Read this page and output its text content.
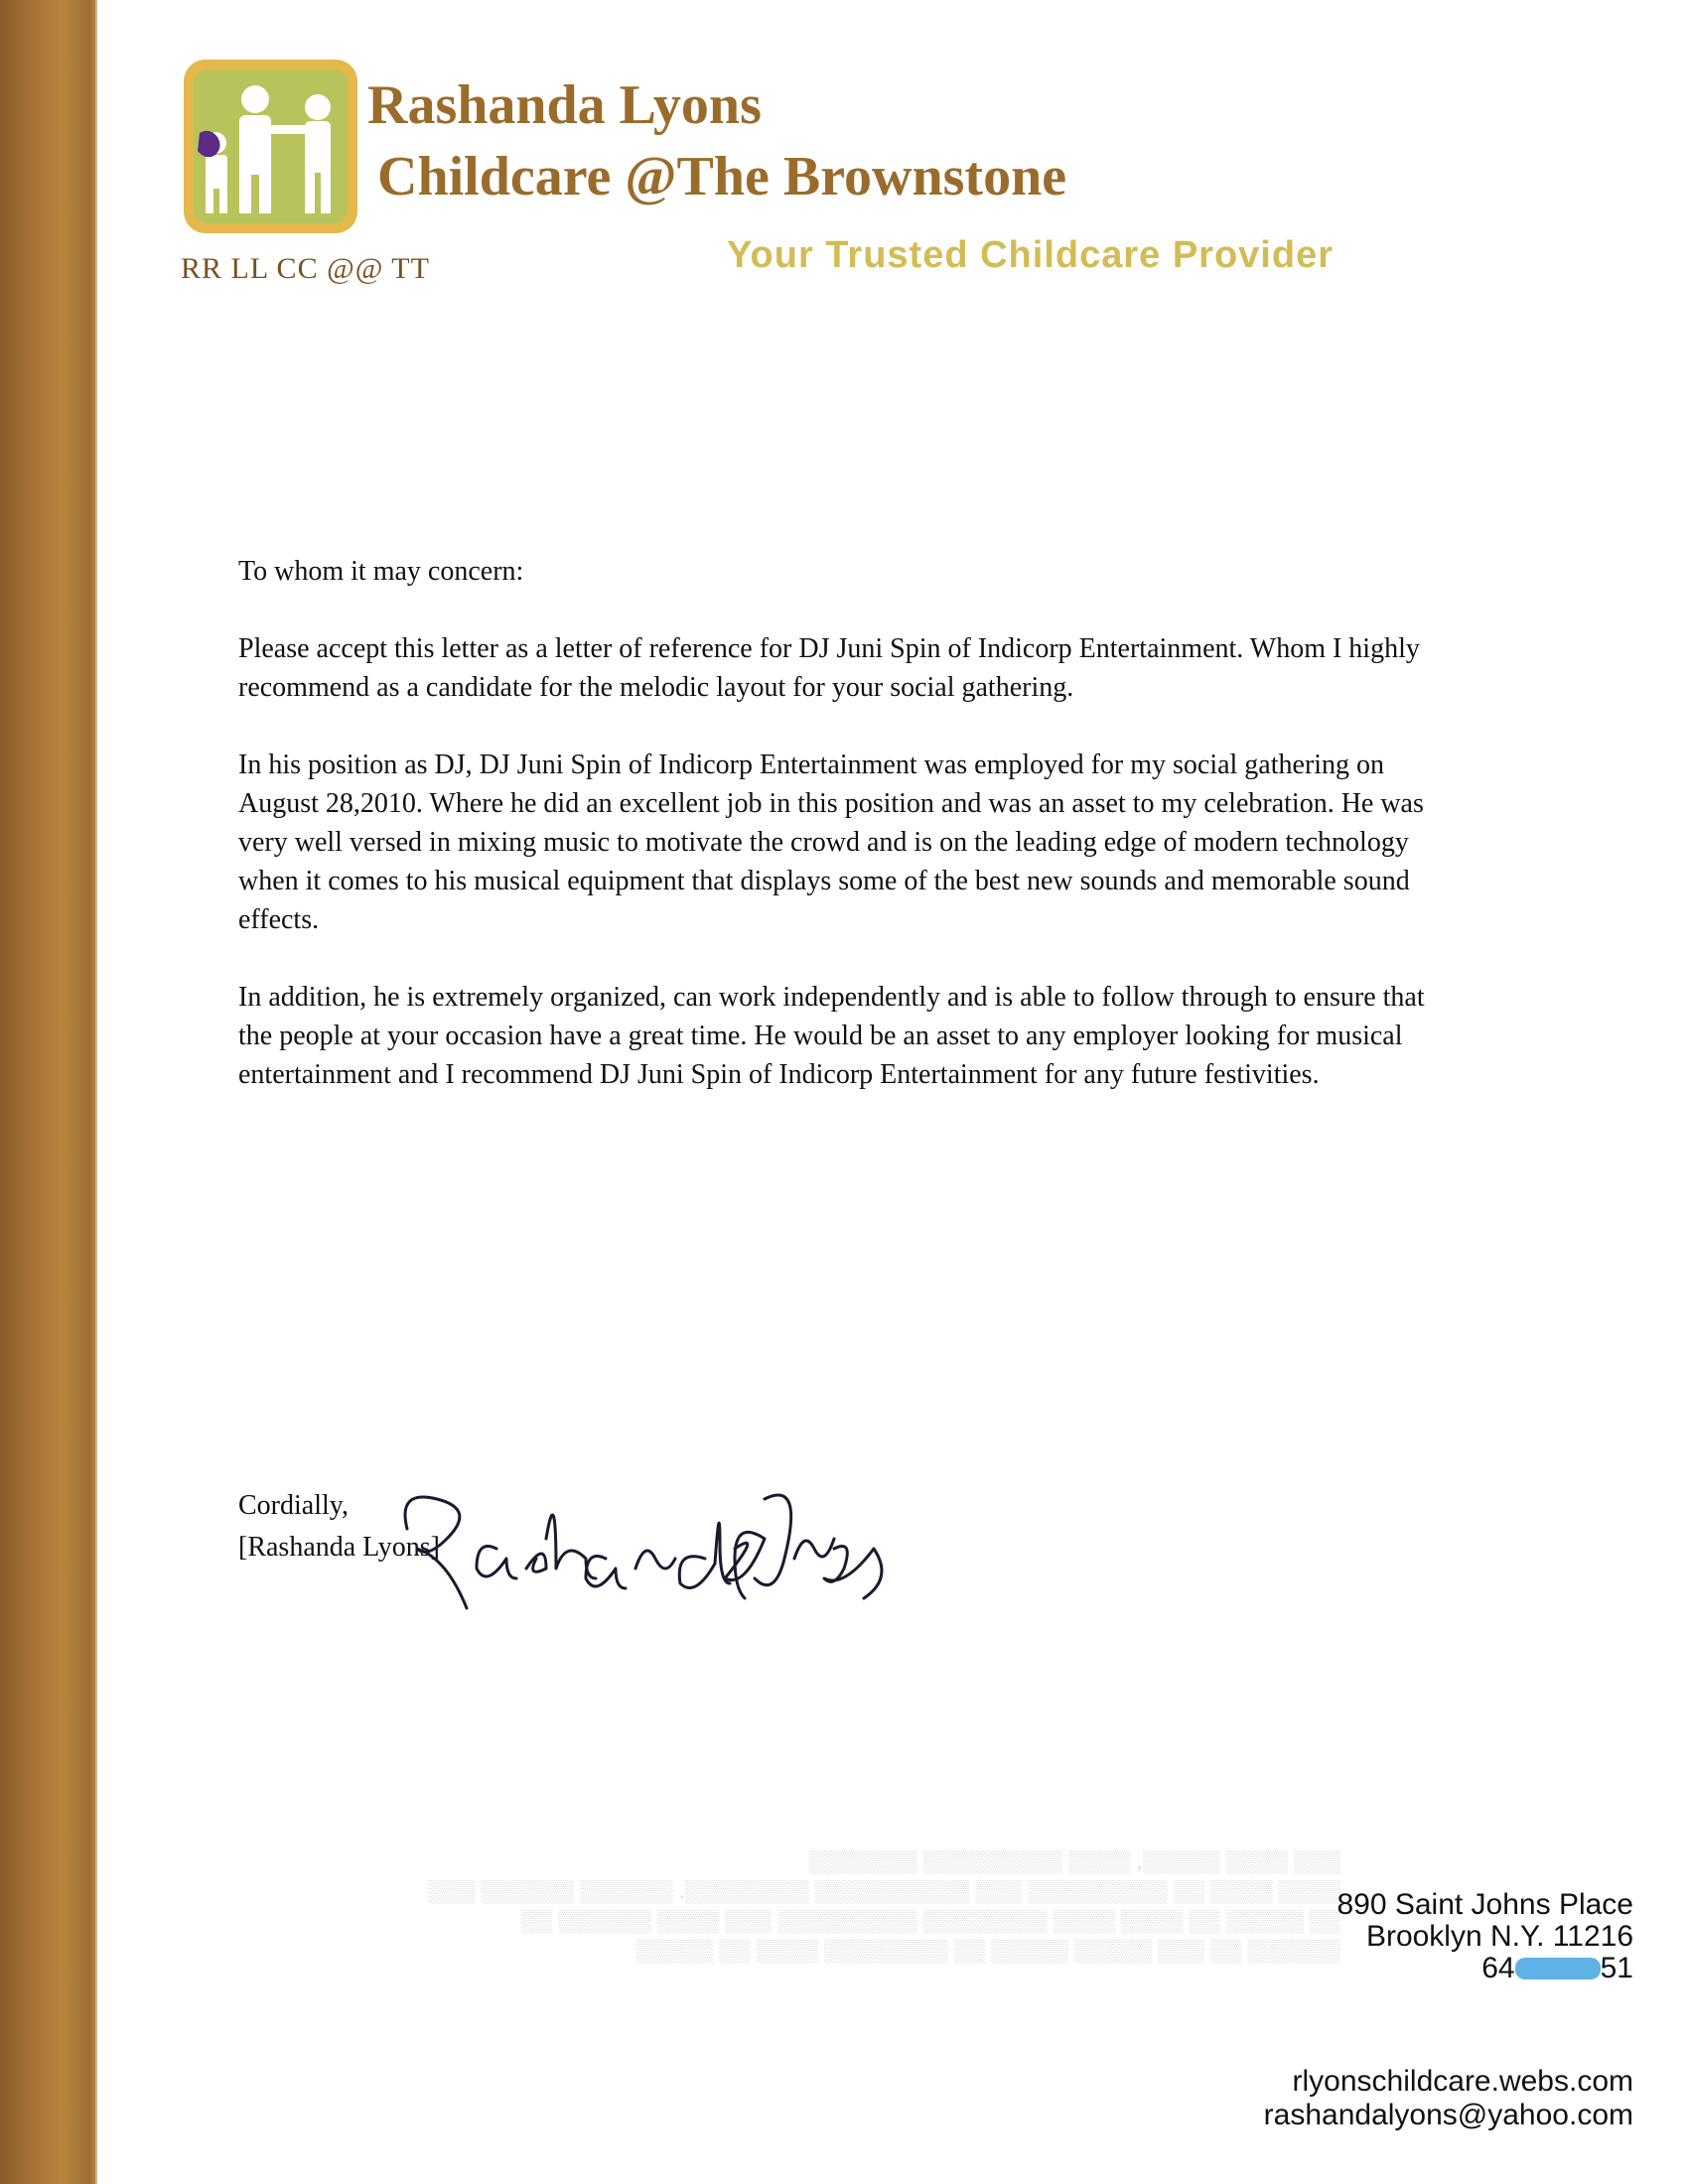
Rashanda Lyons
Childcare @The Brownstone
RR LL CC @@ TT	Your Trusted Childcare Provider

To whom it may concern:

Please accept this letter as a letter of reference for DJ Juni Spin of Indicorp Entertainment. Whom I highly recommend as a candidate for the melodic layout for your social gathering.

In his position as DJ, DJ Juni Spin of Indicorp Entertainment was employed for my social gathering on August 28,2010. Where he did an excellent job in this position and was an asset to my celebration. He was very well versed in mixing music to motivate the crowd and is on the leading edge of modern technology when it comes to his musical equipment that displays some of the best new sounds and memorable sound effects.

In addition, he is extremely organized, can work independently and is able to follow through to ensure that the people at your occasion have a great time. He would be an asset to any employer looking for musical entertainment and I recommend DJ Juni Spin of Indicorp Entertainment for any future festivities.

Cordially,
[Rashanda Lyons]
▒▒▒ ▒▒▒▒ ▒▒▒▒▒, ▒▒▒▒ ▒▒▒▒▒▒▒▒▒ ▒▒▒▒▒▒▒
▒▒▒▒ ▒▒▒▒ ▒▒ ▒▒▒▒▒▒▒▒▒ ▒▒▒ ▒▒▒▒▒▒▒▒▒▒ ▒▒▒▒▒▒▒▒. ▒▒▒▒▒▒ ▒▒▒▒▒▒ ▒▒▒
▒▒ ▒▒▒▒▒ ▒▒ ▒▒▒▒ ▒▒▒▒ ▒▒▒▒▒▒▒▒ ▒▒▒▒▒▒▒▒▒ ▒▒▒ ▒▒▒▒ ▒▒▒▒▒▒ ▒▒
▒▒▒▒▒▒ ▒▒ ▒▒▒ ▒▒▒▒▒ ▒▒▒▒▒ ▒▒ ▒▒▒▒▒▒▒▒ ▒▒▒▒ ▒▒ ▒▒▒▒▒
890 Saint Johns Place
Brooklyn N.Y. 11216
64	51
rlyonschildcare.webs.com
rashandalyons@yahoo.com
